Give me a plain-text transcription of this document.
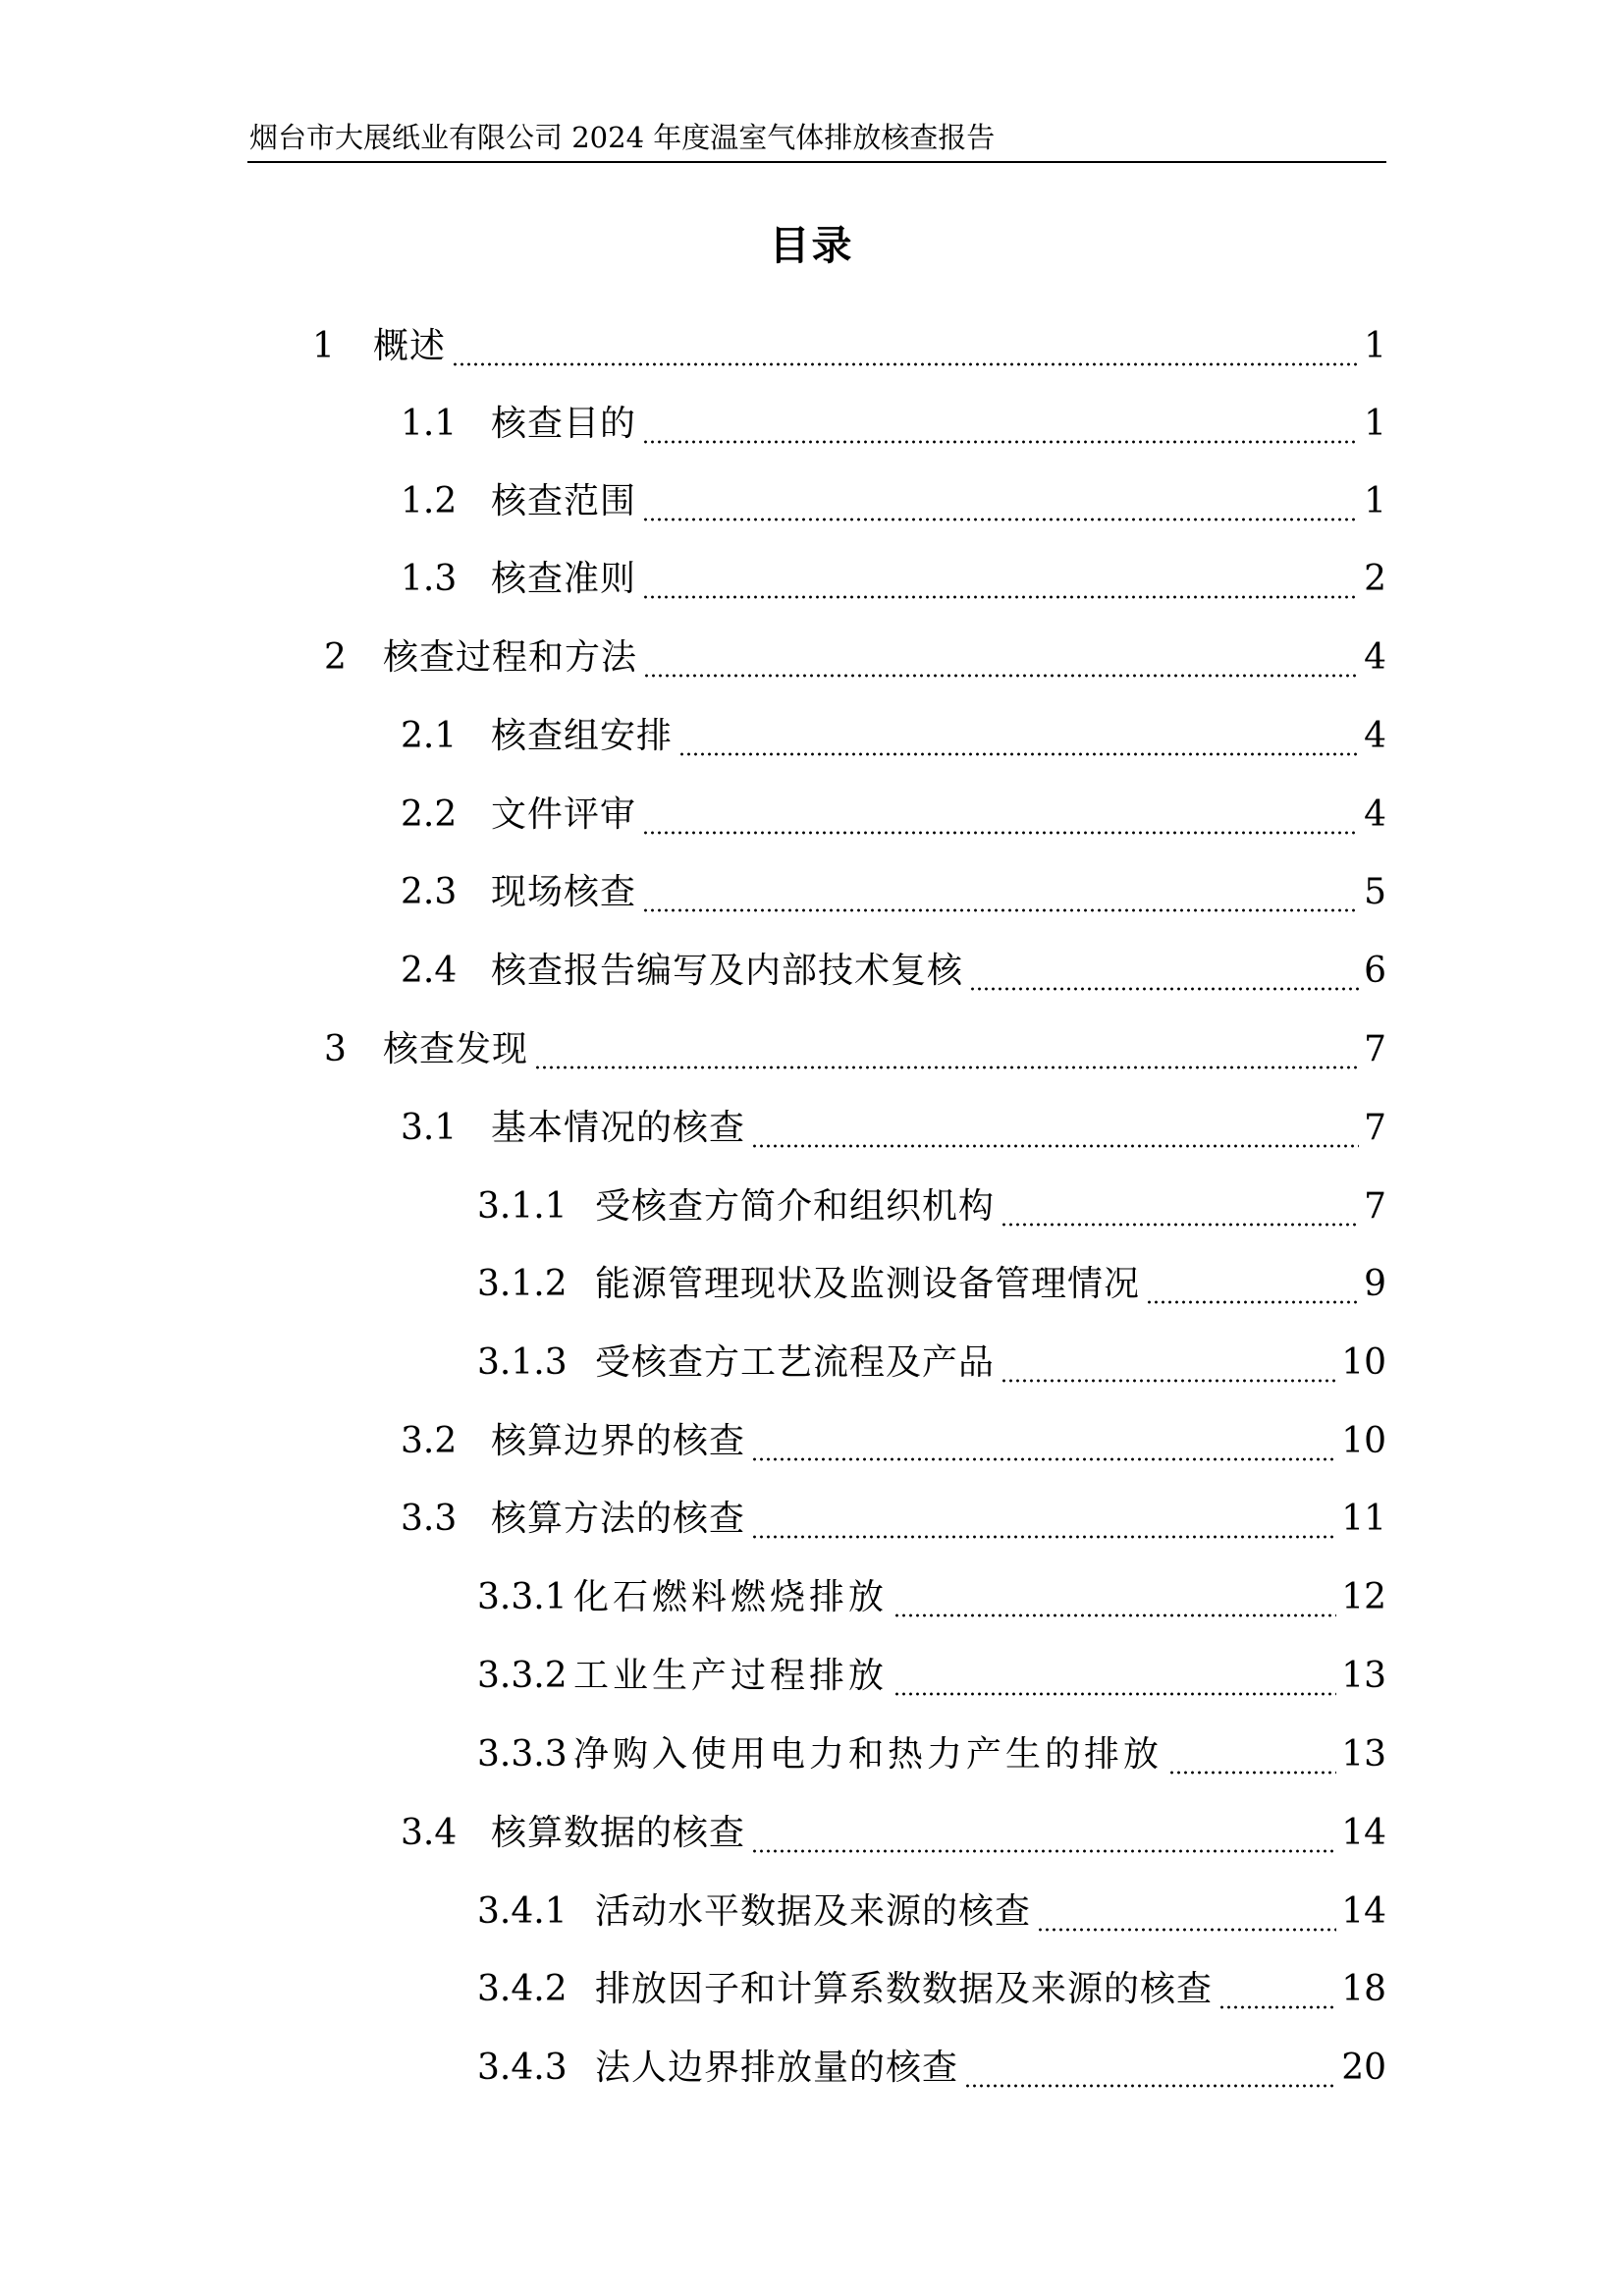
烟台市大展纸业有限公司 2024 年度温室气体排放核查报告
目录
1	概述	1
1.1 核查目的	1
1.2 核查范围	1
1.3 核查准则	2
2	核查过程和方法	4
2.1 核查组安排	4
2.2 文件评审	4
2.3 现场核查	5
2.4 核查报告编写及内部技术复核	6
3	核查发现	7
3.1 基本情况的核查	7
3.1.1 受核查方简介和组织机构	7
3.1.2 能源管理现状及监测设备管理情况	9
3.1.3 受核查方工艺流程及产品	10
3.2 核算边界的核查	10
3.3 核算方法的核查	11
3.3.1 化石燃料燃烧排放	12
3.3.2 工业生产过程排放	13
3.3.3 净购入使用电力和热力产生的排放	13
3.4 核算数据的核查	14
3.4.1 活动水平数据及来源的核查	14
3.4.2 排放因子和计算系数数据及来源的核查	18
3.4.3 法人边界排放量的核查	20
